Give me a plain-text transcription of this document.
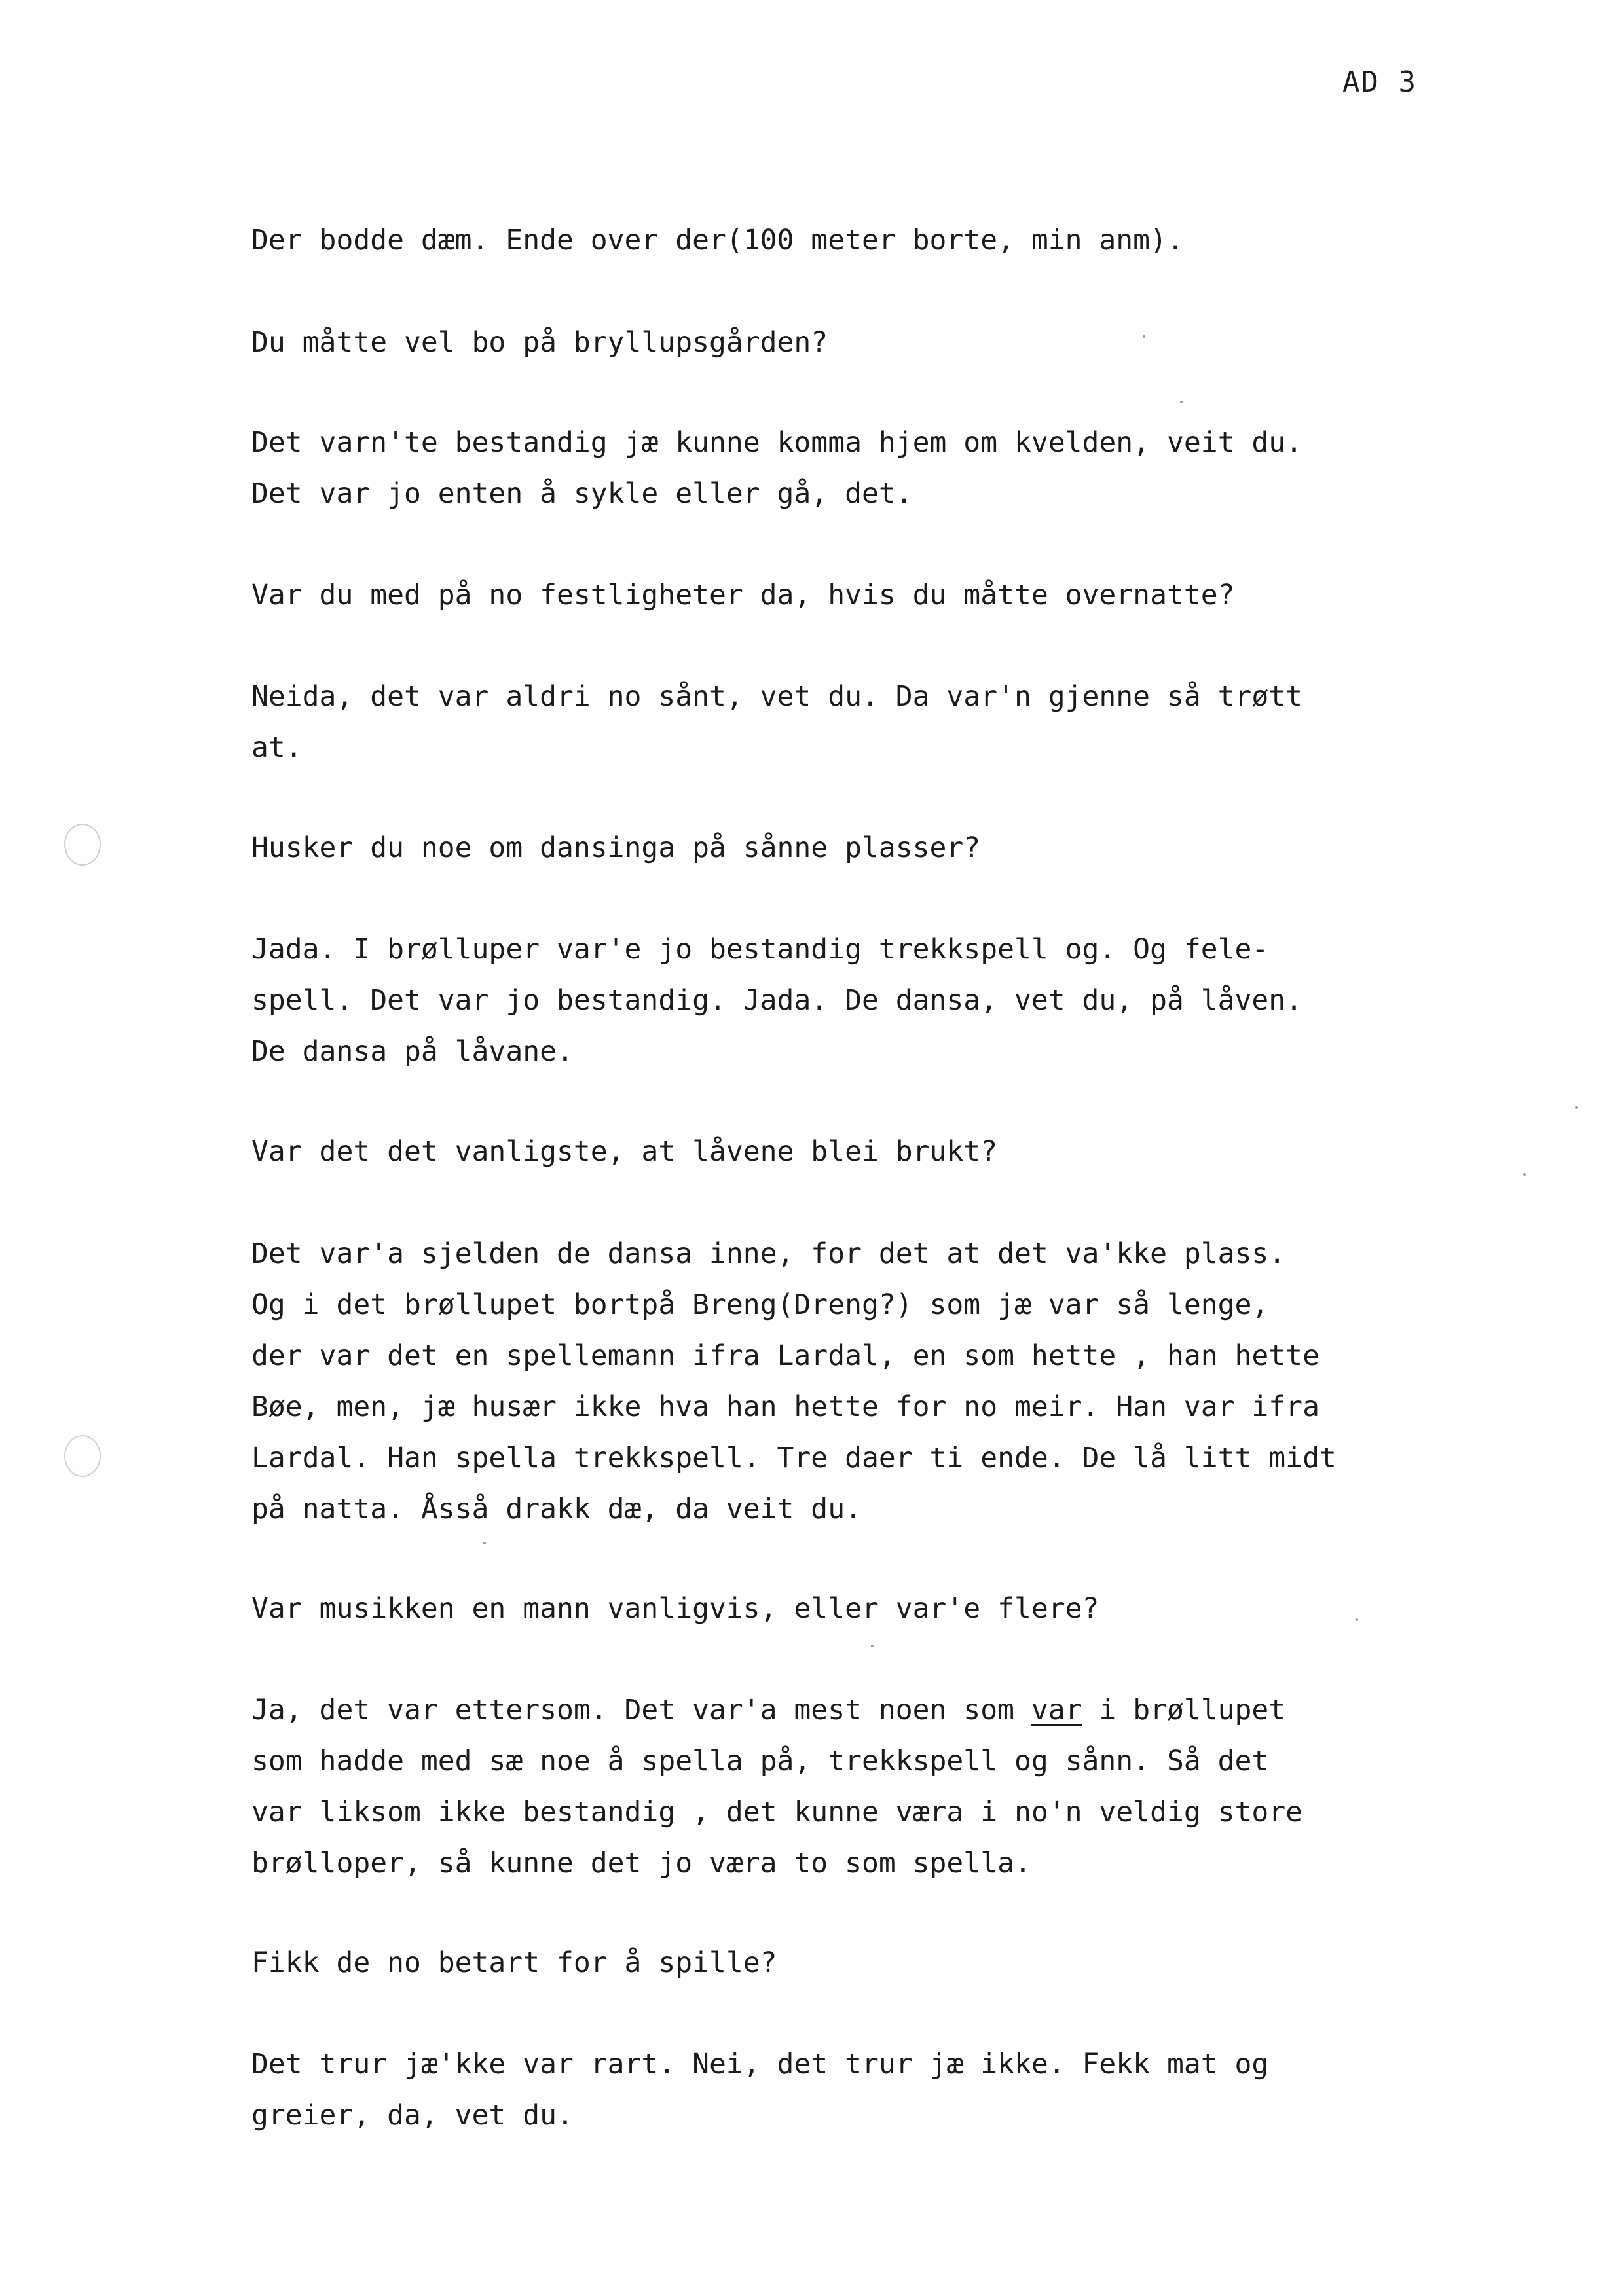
AD 3
Der bodde dæm. Ende over der(100 meter borte, min anm).
Du måtte vel bo på bryllupsgården?
Det varn'te bestandig jæ kunne komma hjem om kvelden, veit du.
Det var jo enten å sykle eller gå, det.
Var du med på no festligheter da, hvis du måtte overnatte?
Neida, det var aldri no sånt, vet du. Da var'n gjenne så trøtt
at.
Husker du noe om dansinga på sånne plasser?
Jada. I brølluper var'e jo bestandig trekkspell og. Og fele-
spell. Det var jo bestandig. Jada. De dansa, vet du, på låven.
De dansa på låvane.
Var det det vanligste, at låvene blei brukt?
Det var'a sjelden de dansa inne, for det at det va'kke plass.
Og i det brøllupet bortpå Breng(Dreng?) som jæ var så lenge,
der var det en spellemann ifra Lardal, en som hette , han hette
Bøe, men, jæ husær ikke hva han hette for no meir. Han var ifra
Lardal. Han spella trekkspell. Tre daer ti ende. De lå litt midt
på natta. Åsså drakk dæ, da veit du.
Var musikken en mann vanligvis, eller var'e flere?
Ja, det var ettersom. Det var'a mest noen som var i brøllupet
som hadde med sæ noe å spella på, trekkspell og sånn. Så det
var liksom ikke bestandig , det kunne væra i no'n veldig store
brølloper, så kunne det jo væra to som spella.
Fikk de no betart for å spille?
Det trur jæ'kke var rart. Nei, det trur jæ ikke. Fekk mat og
greier, da, vet du.
